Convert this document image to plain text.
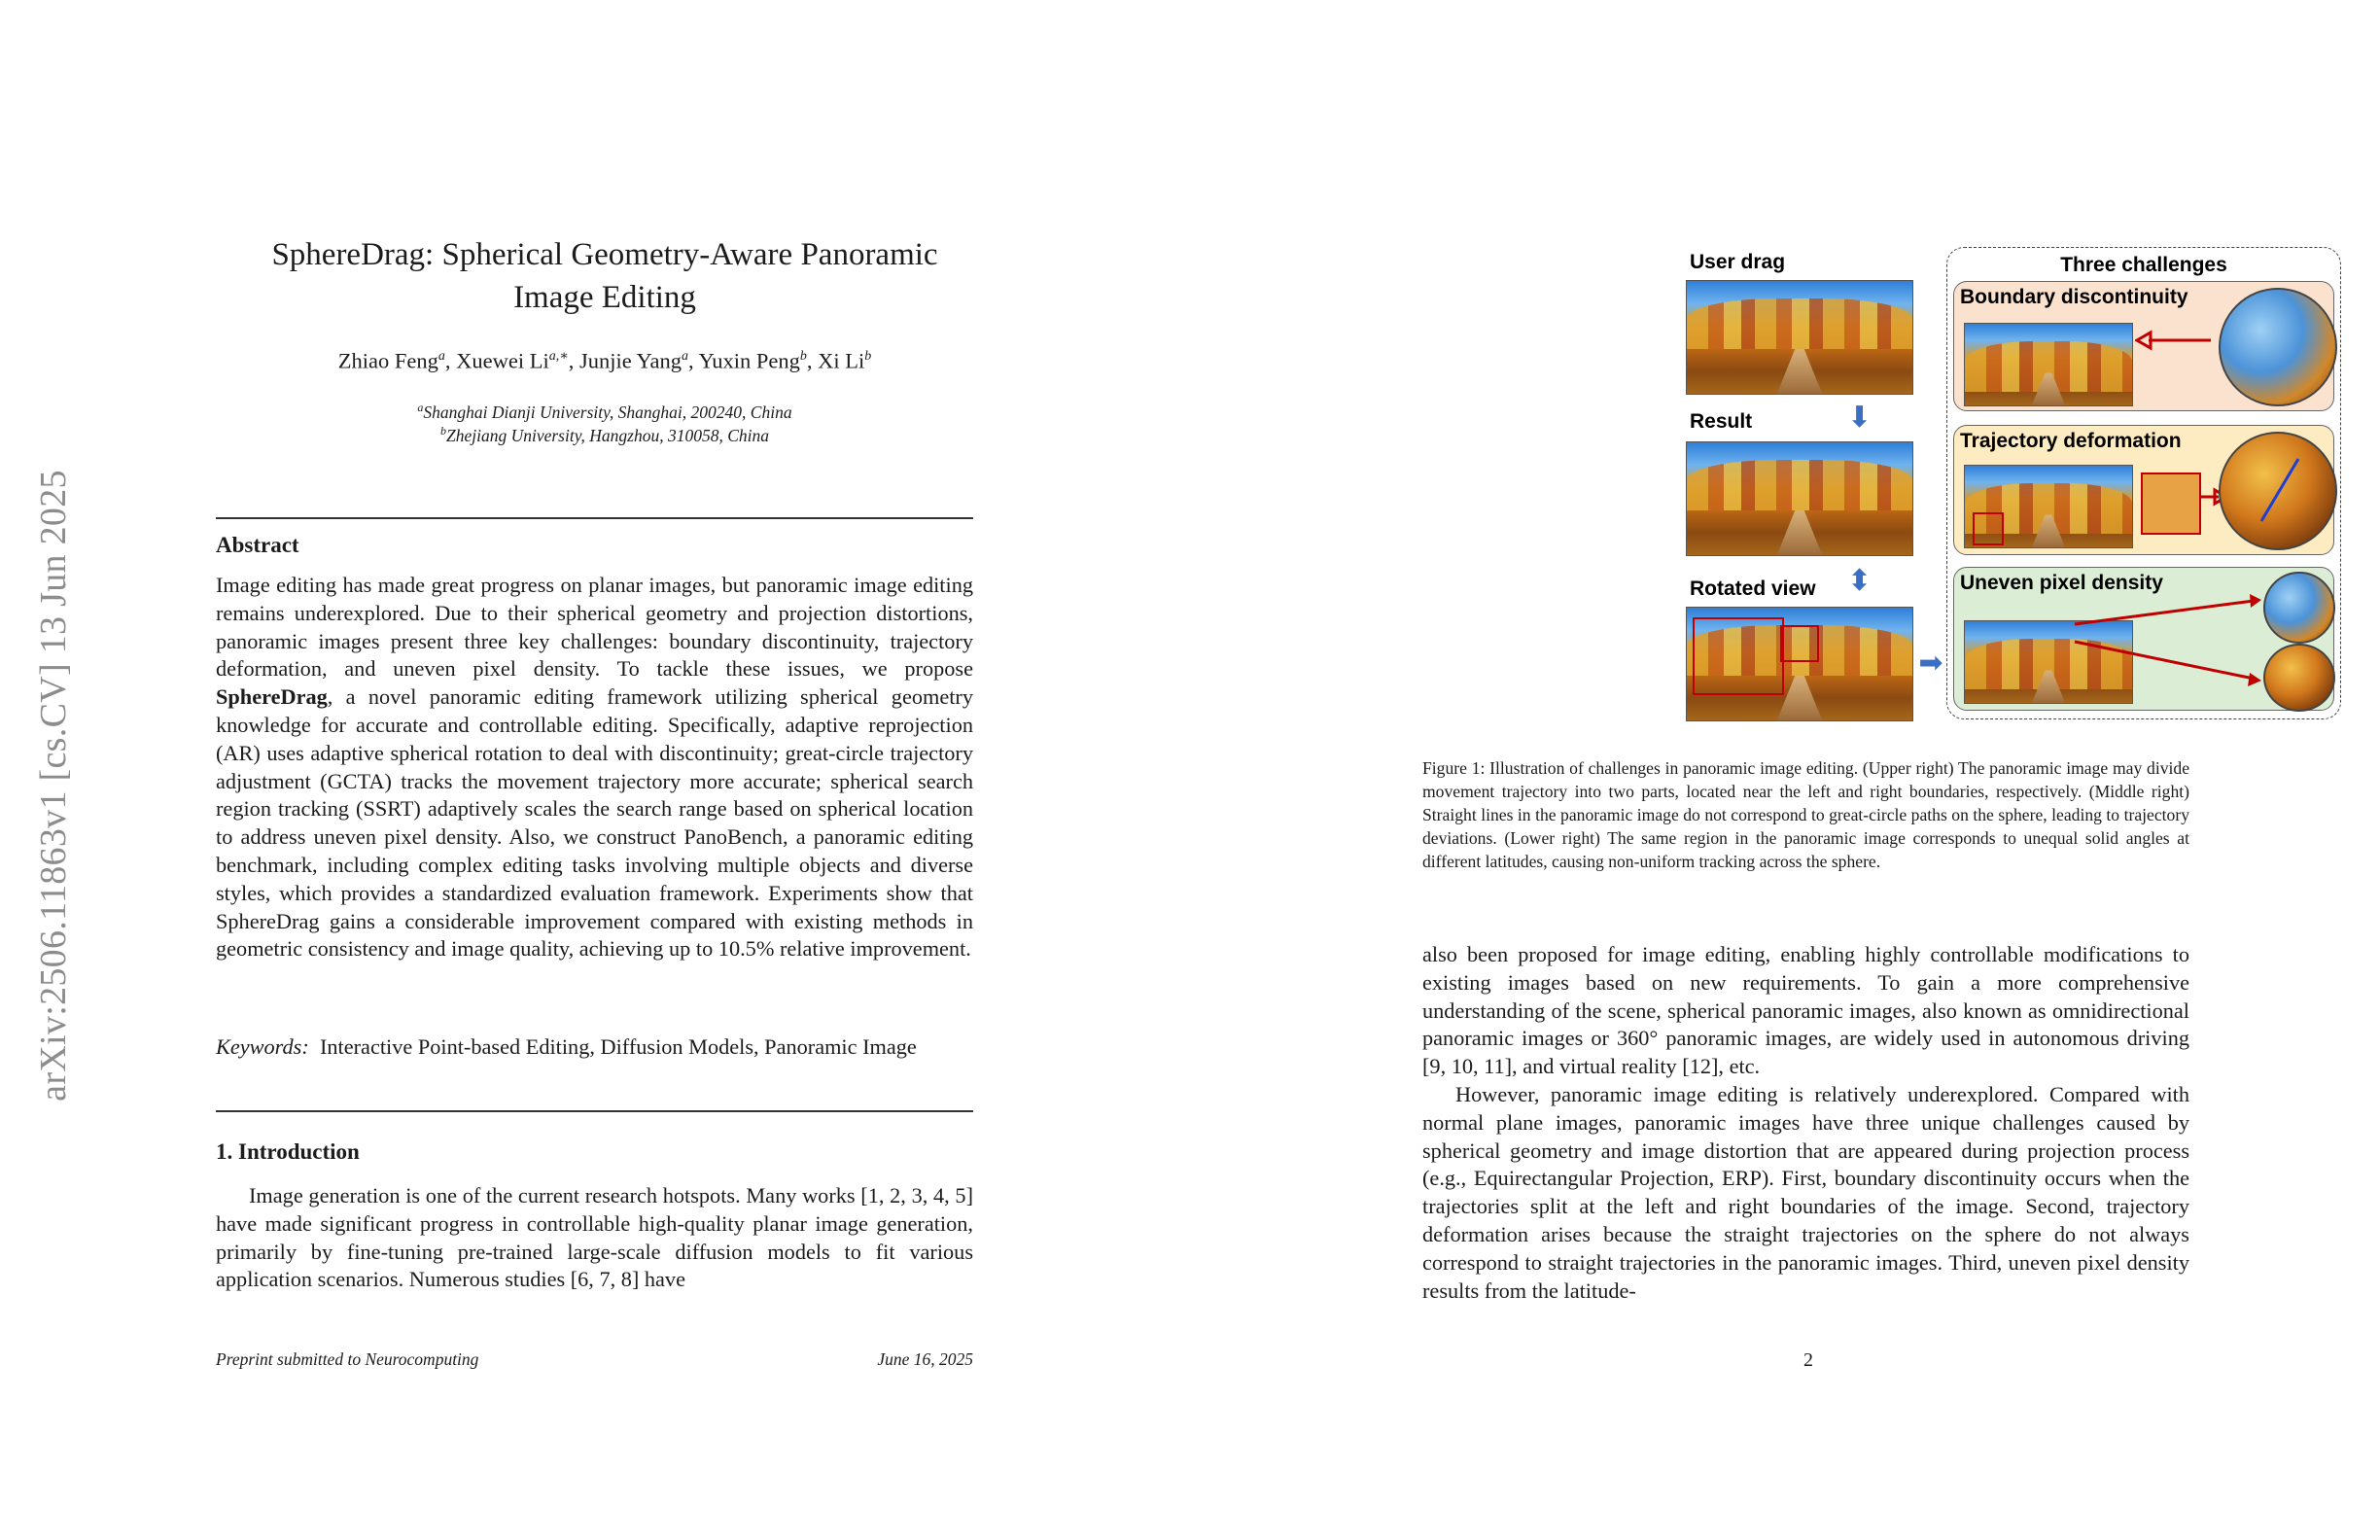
arXiv:2506.11863v1 [cs.CV] 13 Jun 2025
SphereDrag: Spherical Geometry-Aware Panoramic
Image Editing
Zhiao Feng$^a$, Xuewei $Li^{a,∗}$, Junjie Yang$^a$, Yuxin Peng$^b$, Xi Li$^b$
$^a$Shanghai Dianji University, Shanghai, 200240, China
$^b$Zhejiang University, Hangzhou, 310058, China
Abstract
Image editing has made great progress on planar images, but panoramic image editing remains underexplored. Due to their spherical geometry and projection distortions, panoramic images present three key challenges: boundary discontinuity, trajectory deformation, and uneven pixel density. To tackle these issues, we propose SphereDrag, a novel panoramic editing framework utilizing spherical geometry knowledge for accurate and controllable editing. Specifically, adaptive reprojection (AR) uses adaptive spherical rotation to deal with discontinuity; great-circle trajectory adjustment (GCTA) tracks the movement trajectory more accurate; spherical search region tracking (SSRT) adaptively scales the search range based on spherical location to address uneven pixel density. Also, we construct PanoBench, a panoramic editing benchmark, including complex editing tasks involving multiple objects and diverse styles, which provides a standardized evaluation framework. Experiments show that SphereDrag gains a considerable improvement compared with existing methods in geometric consistency and image quality, achieving up to 10.5% relative improvement.
Keywords: Interactive Point-based Editing, Diffusion Models, Panoramic Image
1. Introduction
Image generation is one of the current research hotspots. Many works [1, 2, 3, 4, 5] have made significant progress in controllable high-quality planar image generation, primarily by fine-tuning pre-trained large-scale diffusion models to fit various application scenarios. Numerous studies [6, 7, 8] have
Preprint submitted to Neurocomputing	June 16, 2025
User drag
Result	⬇
Rotated view ⬍
⬇
Three challenges
Boundary discontinuity
Trajectory deformation
Uneven pixel density
Figure 1: Illustration of challenges in panoramic image editing. (Upper right) The panoramic image may divide movement trajectory into two parts, located near the left and right boundaries, respectively. (Middle right) Straight lines in the panoramic image do not correspond to great-circle paths on the sphere, leading to trajectory deviations. (Lower right) The same region in the panoramic image corresponds to unequal solid angles at different latitudes, causing non-uniform tracking across the sphere.
also been proposed for image editing, enabling highly controllable modifications to existing images based on new requirements. To gain a more comprehensive understanding of the scene, spherical panoramic images, also known as omnidirectional panoramic images or 360° panoramic images, are widely used in autonomous driving [9, 10, 11], and virtual reality [12], etc.
However, panoramic image editing is relatively underexplored. Compared with normal plane images, panoramic images have three unique challenges caused by spherical geometry and image distortion that are appeared during projection process (e.g., Equirectangular Projection, ERP). First, boundary discontinuity occurs when the trajectories split at the left and right boundaries of the image. Second, trajectory deformation arises because the straight trajectories on the sphere do not always correspond to straight trajectories in the panoramic images. Third, uneven pixel density results from the latitude-
2
